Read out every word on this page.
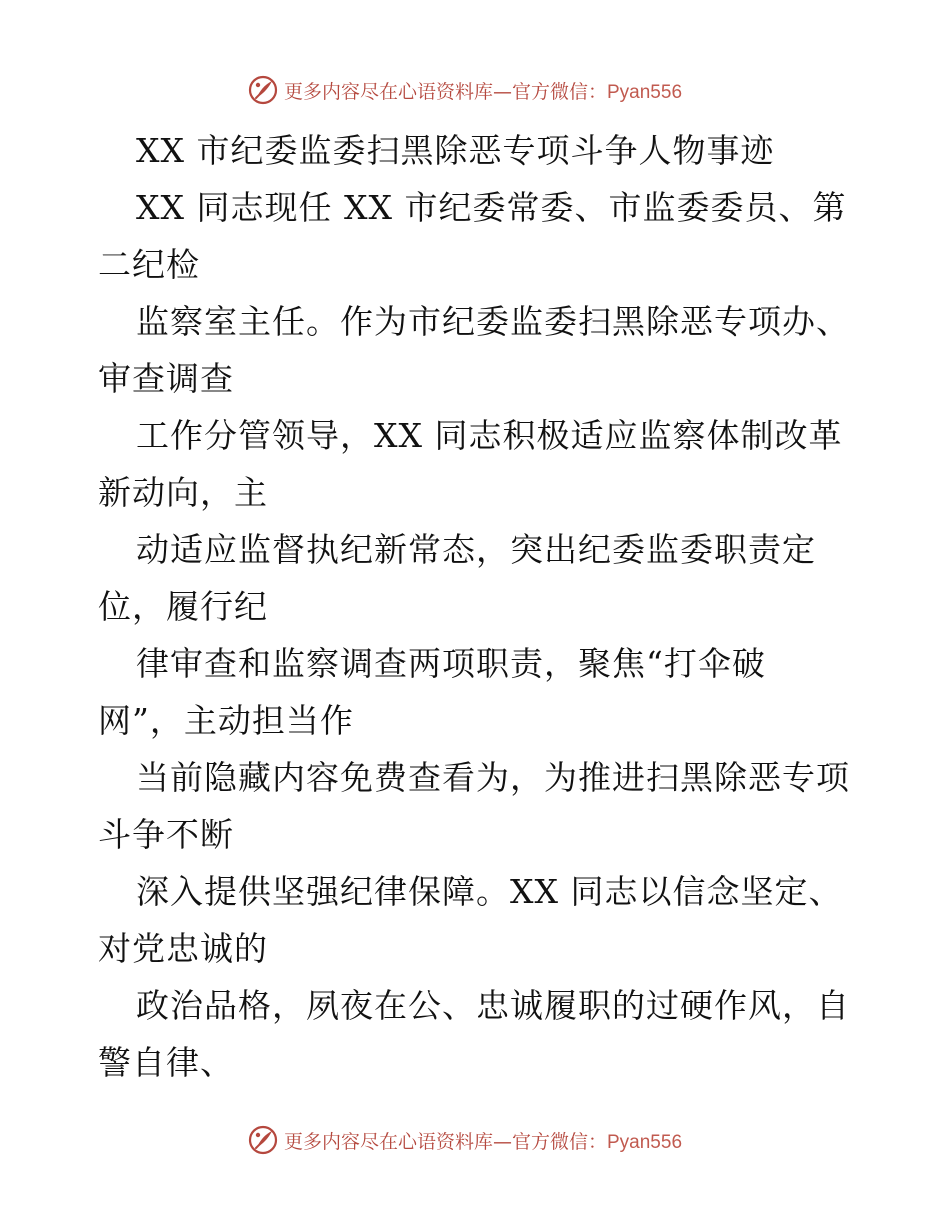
更多内容尽在心语资料库—官方微信：Pyan556
XX 市纪委监委扫黑除恶专项斗争人物事迹
XX 同志现任 XX 市纪委常委、市监委委员、第
二纪检
监察室主任。作为市纪委监委扫黑除恶专项办、
审查调查
工作分管领导，XX 同志积极适应监察体制改革
新动向，主
动适应监督执纪新常态，突出纪委监委职责定
位，履行纪
律审查和监察调查两项职责，聚焦“打伞破
网”，主动担当作
当前隐藏内容免费查看为，为推进扫黑除恶专项
斗争不断
深入提供坚强纪律保障。XX 同志以信念坚定、
对党忠诚的
政治品格，夙夜在公、忠诚履职的过硬作风，自
警自律、
更多内容尽在心语资料库—官方微信：Pyan556
